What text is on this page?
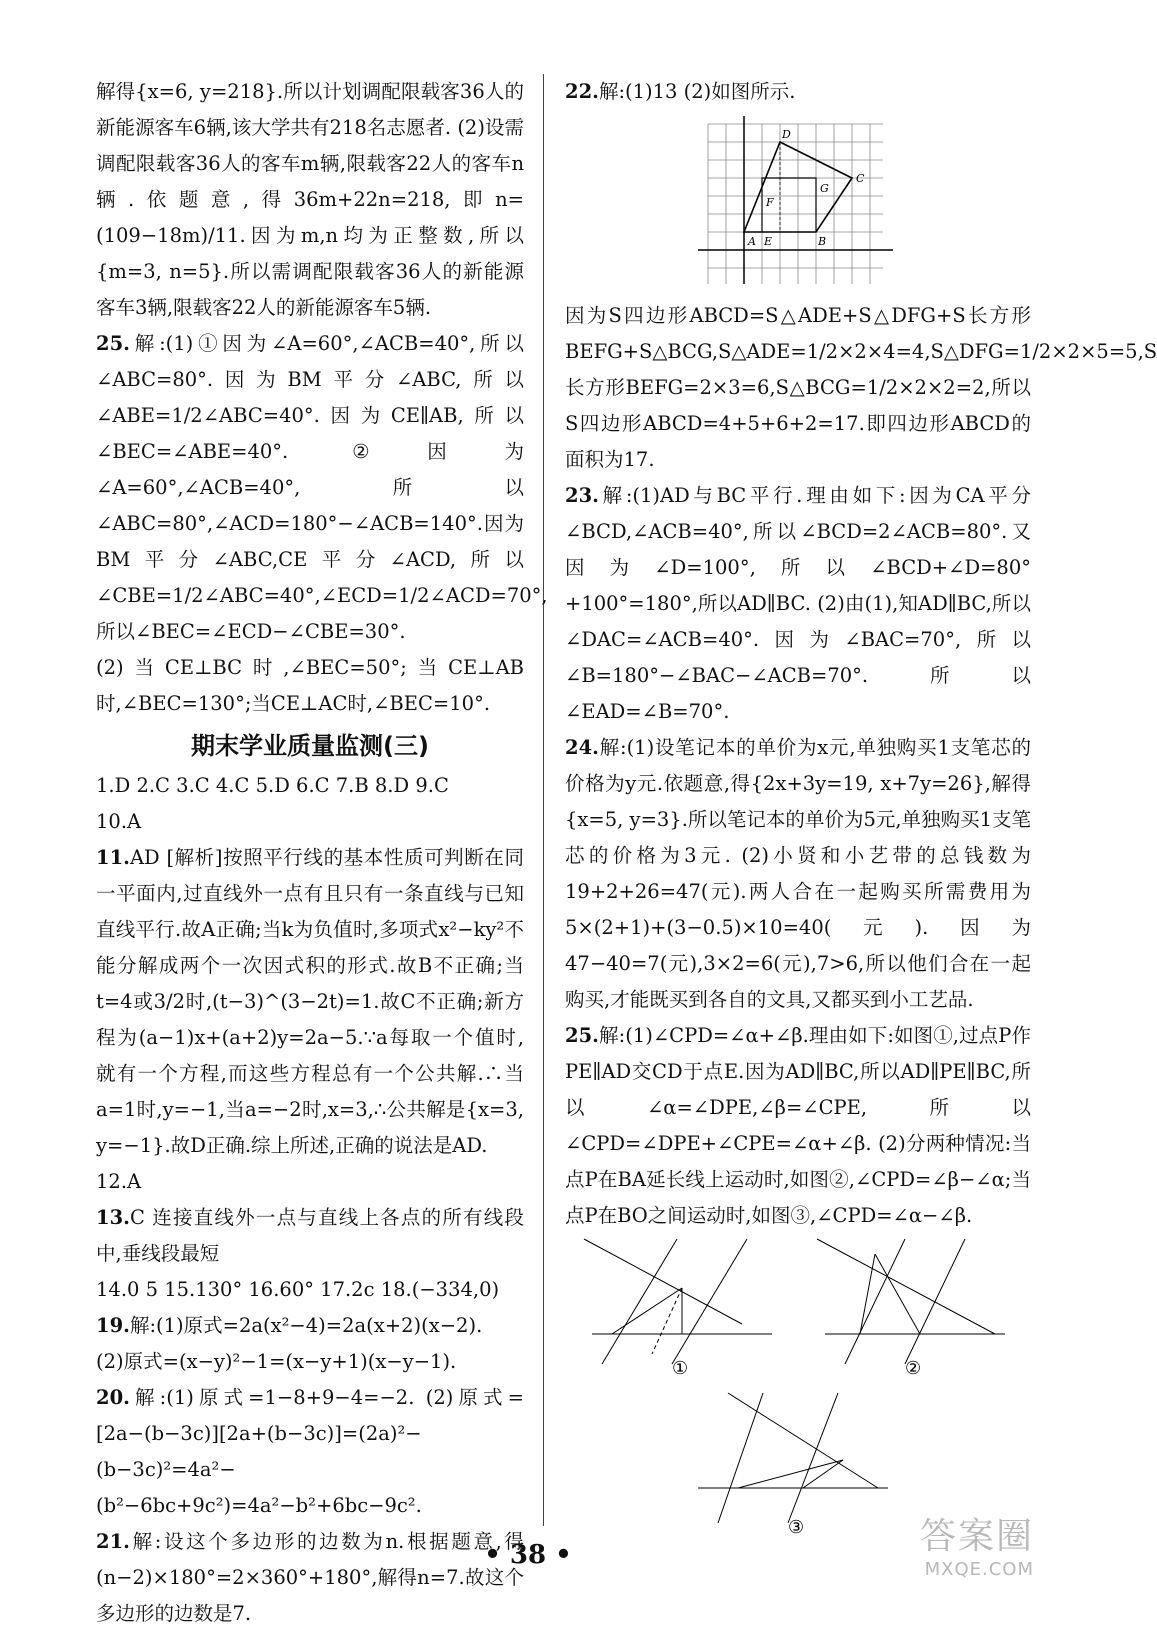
解得{x=6, y=218}.所以计划调配限载客36人的新能源客车6辆,该大学共有218名志愿者. (2)设需调配限载客36人的客车m辆,限载客22人的客车n辆.依题意,得36m+22n=218,即n=(109−18m)/11.因为m,n均为正整数,所以{m=3, n=5}.所以需调配限载客36人的新能源客车3辆,限载客22人的新能源客车5辆.

25.解:(1)①因为∠A=60°,∠ACB=40°,所以∠ABC=80°.因为BM平分∠ABC,所以∠ABE=1/2∠ABC=40°.因为CE∥AB,所以∠BEC=∠ABE=40°. ②因为∠A=60°,∠ACB=40°,所以∠ABC=80°,∠ACD=180°−∠ACB=140°.因为BM平分∠ABC,CE平分∠ACD,所以∠CBE=1/2∠ABC=40°,∠ECD=1/2∠ACD=70°,所以∠BEC=∠ECD−∠CBE=30°.

(2)当CE⊥BC时,∠BEC=50°;当CE⊥AB时,∠BEC=130°;当CE⊥AC时,∠BEC=10°.

期末学业质量监测(三)

1.D 2.C 3.C 4.C 5.D 6.C 7.B 8.D 9.C

10.A

11.AD [解析]按照平行线的基本性质可判断在同一平面内,过直线外一点有且只有一条直线与已知直线平行.故A正确;当k为负值时,多项式x²−ky²不能分解成两个一次因式积的形式.故B不正确;当t=4或3/2时,(t−3)^(3−2t)=1.故C不正确;新方程为(a−1)x+(a+2)y=2a−5.∵a每取一个值时,就有一个方程,而这些方程总有一个公共解.∴当a=1时,y=−1,当a=−2时,x=3,∴公共解是{x=3, y=−1}.故D正确.综上所述,正确的说法是AD.

12.A

13.C 连接直线外一点与直线上各点的所有线段中,垂线段最短

14.0 5 15.130° 16.60° 17.2c 18.(−334,0)

19.解:(1)原式=2a(x²−4)=2a(x+2)(x−2).

(2)原式=(x−y)²−1=(x−y+1)(x−y−1).

20.解:(1)原式=1−8+9−4=−2. (2)原式=[2a−(b−3c)][2a+(b−3c)]=(2a)²−(b−3c)²=4a²−(b²−6bc+9c²)=4a²−b²+6bc−9c².

21.解:设这个多边形的边数为n.根据题意,得(n−2)×180°=2×360°+180°,解得n=7.故这个多边形的边数是7.

22.解:(1)13 (2)如图所示.

A	B
C
D
E
F
G

因为S四边形ABCD=S△ADE+S△DFG+S长方形BEFG+S△BCG,S△ADE=1/2×2×4=4,S△DFG=1/2×2×5=5,S长方形BEFG=2×3=6,S△BCG=1/2×2×2=2,所以S四边形ABCD=4+5+6+2=17.即四边形ABCD的面积为17.

23.解:(1)AD与BC平行.理由如下:因为CA平分∠BCD,∠ACB=40°,所以∠BCD=2∠ACB=80°.又因为∠D=100°,所以∠BCD+∠D=80°+100°=180°,所以AD∥BC. (2)由(1),知AD∥BC,所以∠DAC=∠ACB=40°.因为∠BAC=70°,所以∠B=180°−∠BAC−∠ACB=70°.所以∠EAD=∠B=70°.

24.解:(1)设笔记本的单价为x元,单独购买1支笔芯的价格为y元.依题意,得{2x+3y=19, x+7y=26},解得{x=5, y=3}.所以笔记本的单价为5元,单独购买1支笔芯的价格为3元. (2)小贤和小艺带的总钱数为19+2+26=47(元).两人合在一起购买所需费用为5×(2+1)+(3−0.5)×10=40(元).因为47−40=7(元),3×2=6(元),7>6,所以他们合在一起购买,才能既买到各自的文具,又都买到小工艺品.

25.解:(1)∠CPD=∠α+∠β.理由如下:如图①,过点P作PE∥AD交CD于点E.因为AD∥BC,所以AD∥PE∥BC,所以∠α=∠DPE,∠β=∠CPE,所以∠CPD=∠DPE+∠CPE=∠α+∠β. (2)分两种情况:当点P在BA延长线上运动时,如图②,∠CPD=∠β−∠α;当点P在BO之间运动时,如图③,∠CPD=∠α−∠β.

①	②
③
• 38 •	答案圈
MXQE.COM
